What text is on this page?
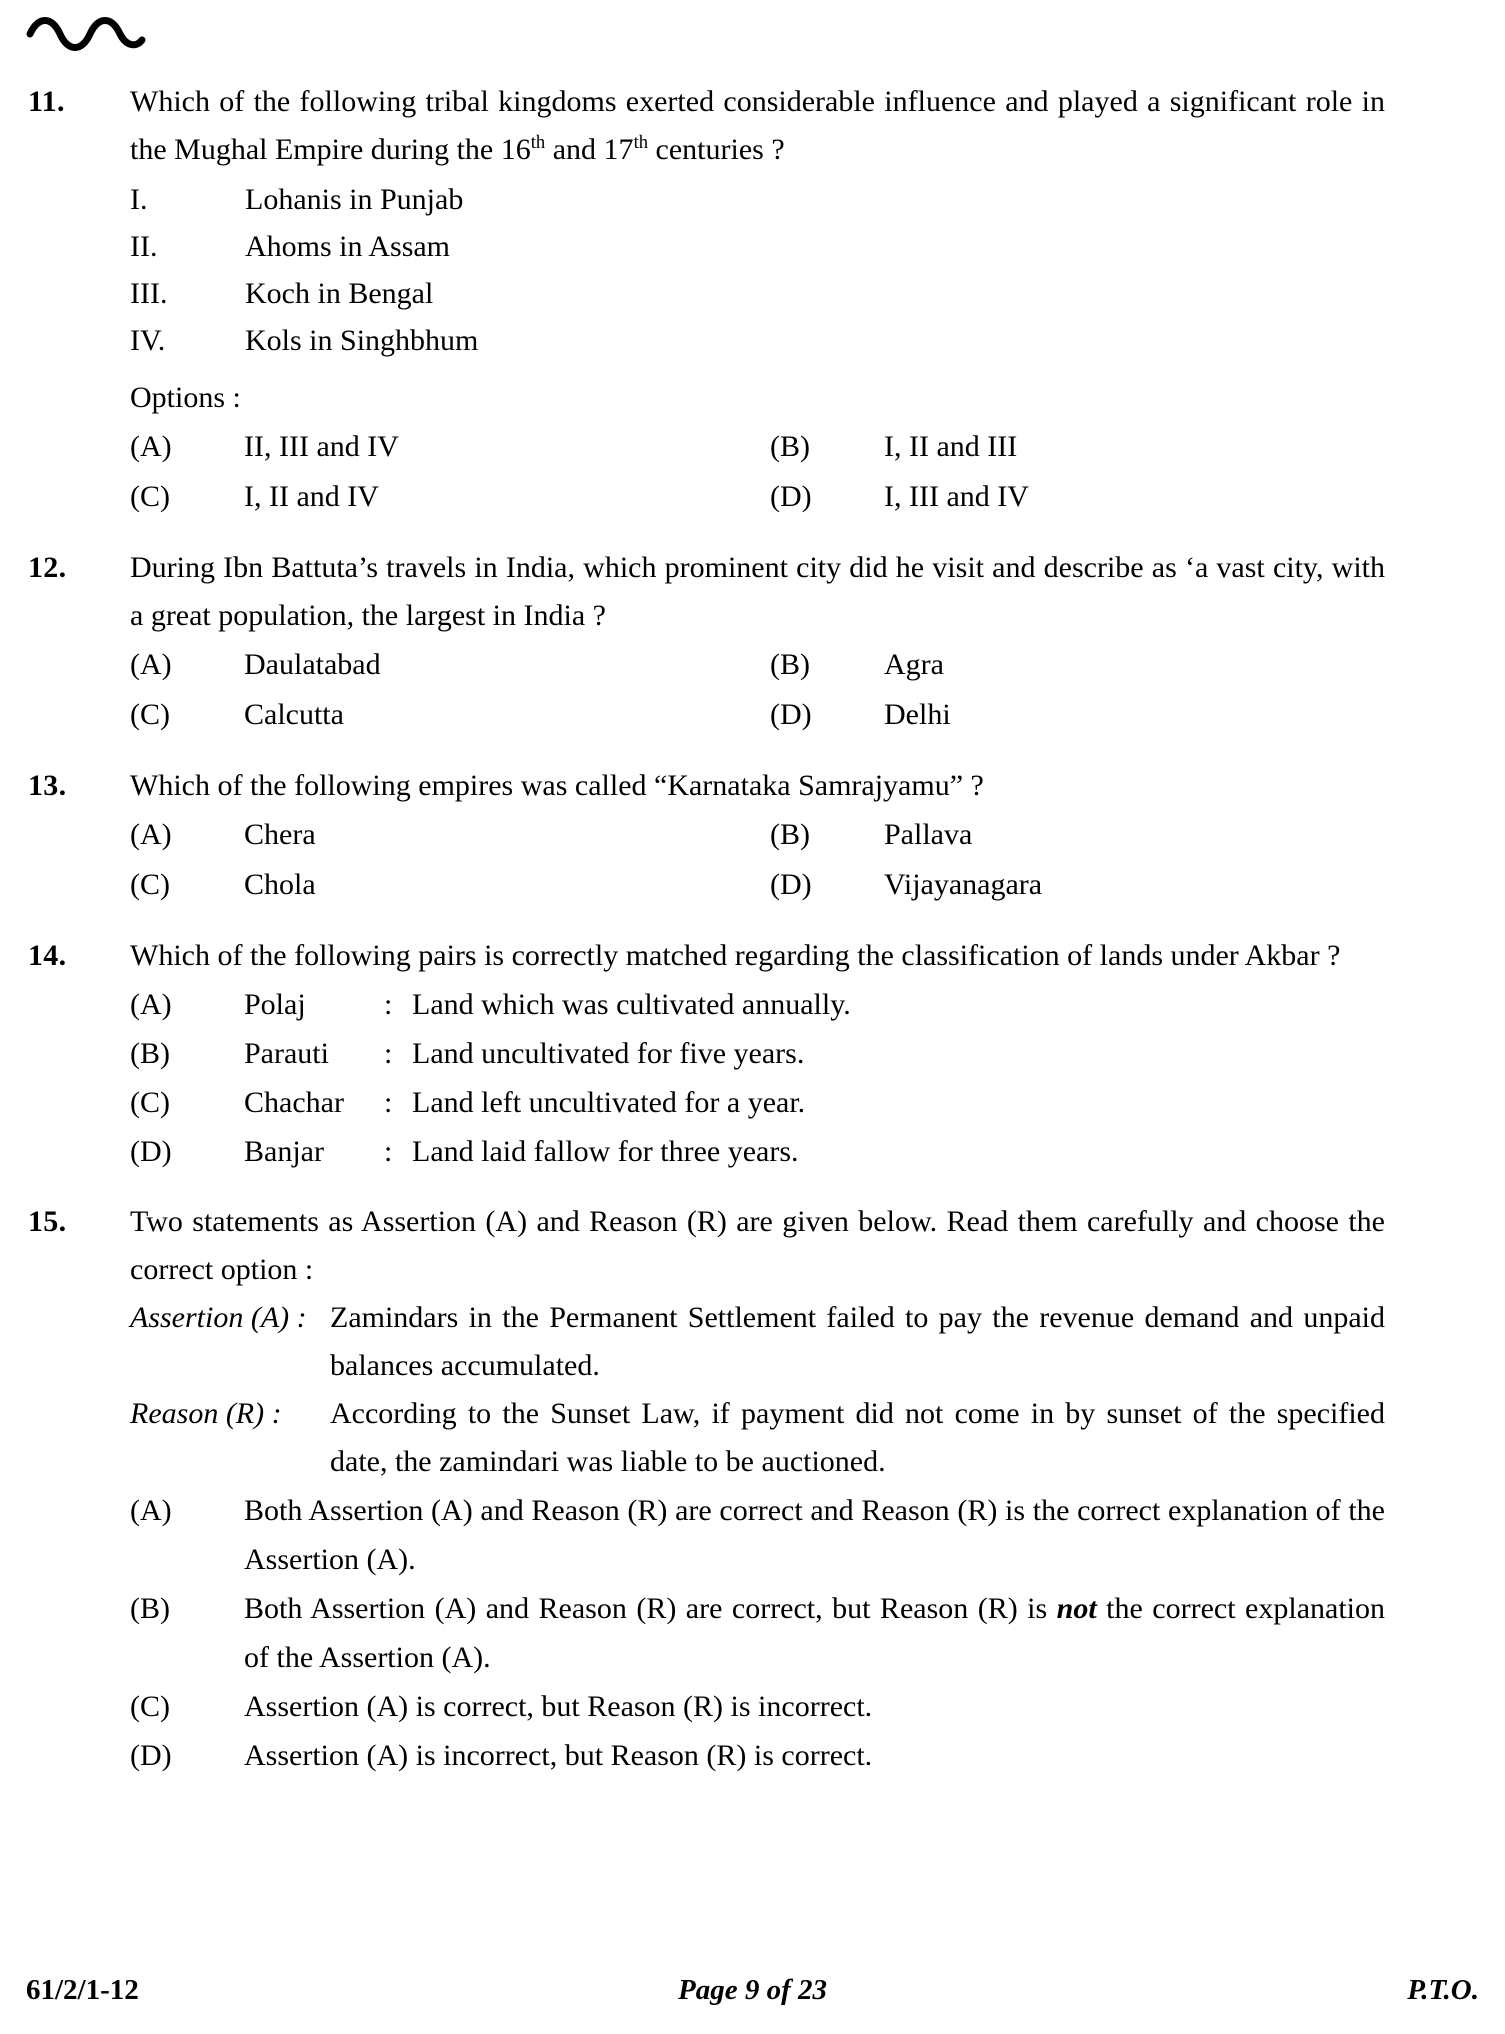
11.	Which of the following tribal kingdoms exerted considerable influence and played a significant role in the Mughal Empire during the 16th and 17th centuries ?
I.	Lohanis in Punjab
II.	Ahoms in Assam
III.	Koch in Bengal
IV.	Kols in Singhbhum
Options :
(A) II, III and IV	(B) I, II and III
(C) I, II and IV	(D) I, III and IV
12.	During Ibn Battuta’s travels in India, which prominent city did he visit and describe as ‘a vast city, with a great population, the largest in India ?
(A) Daulatabad	(B) Agra
(C) Calcutta	(D) Delhi
13.	Which of the following empires was called “Karnataka Samrajyamu” ?
(A) Chera	(B) Pallava
(C) Chola	(D) Vijayanagara
14.	Which of the following pairs is correctly matched regarding the classification of lands under Akbar ?
(A)	Polaj	: Land which was cultivated annually.
(B)	Parauti	: Land uncultivated for five years.
(C)	Chachar	: Land left uncultivated for a year.
(D)	Banjar	: Land laid fallow for three years.
15.	Two statements as Assertion (A) and Reason (R) are given below. Read them carefully and choose the correct option :
Assertion (A) : Zamindars in the Permanent Settlement failed to pay the revenue demand and unpaid balances accumulated.
Reason (R) :	According to the Sunset Law, if payment did not come in by sunset of the specified date, the zamindari was liable to be auctioned.
(A)	Both Assertion (A) and Reason (R) are correct and Reason (R) is the correct explanation of the Assertion (A).
(B)	Both Assertion (A) and Reason (R) are correct, but Reason (R) is not the correct explanation of the Assertion (A).
(C)	Assertion (A) is correct, but Reason (R) is incorrect.
(D)	Assertion (A) is incorrect, but Reason (R) is correct.
61/2/1-12	Page 9 of 23	P.T.O.
